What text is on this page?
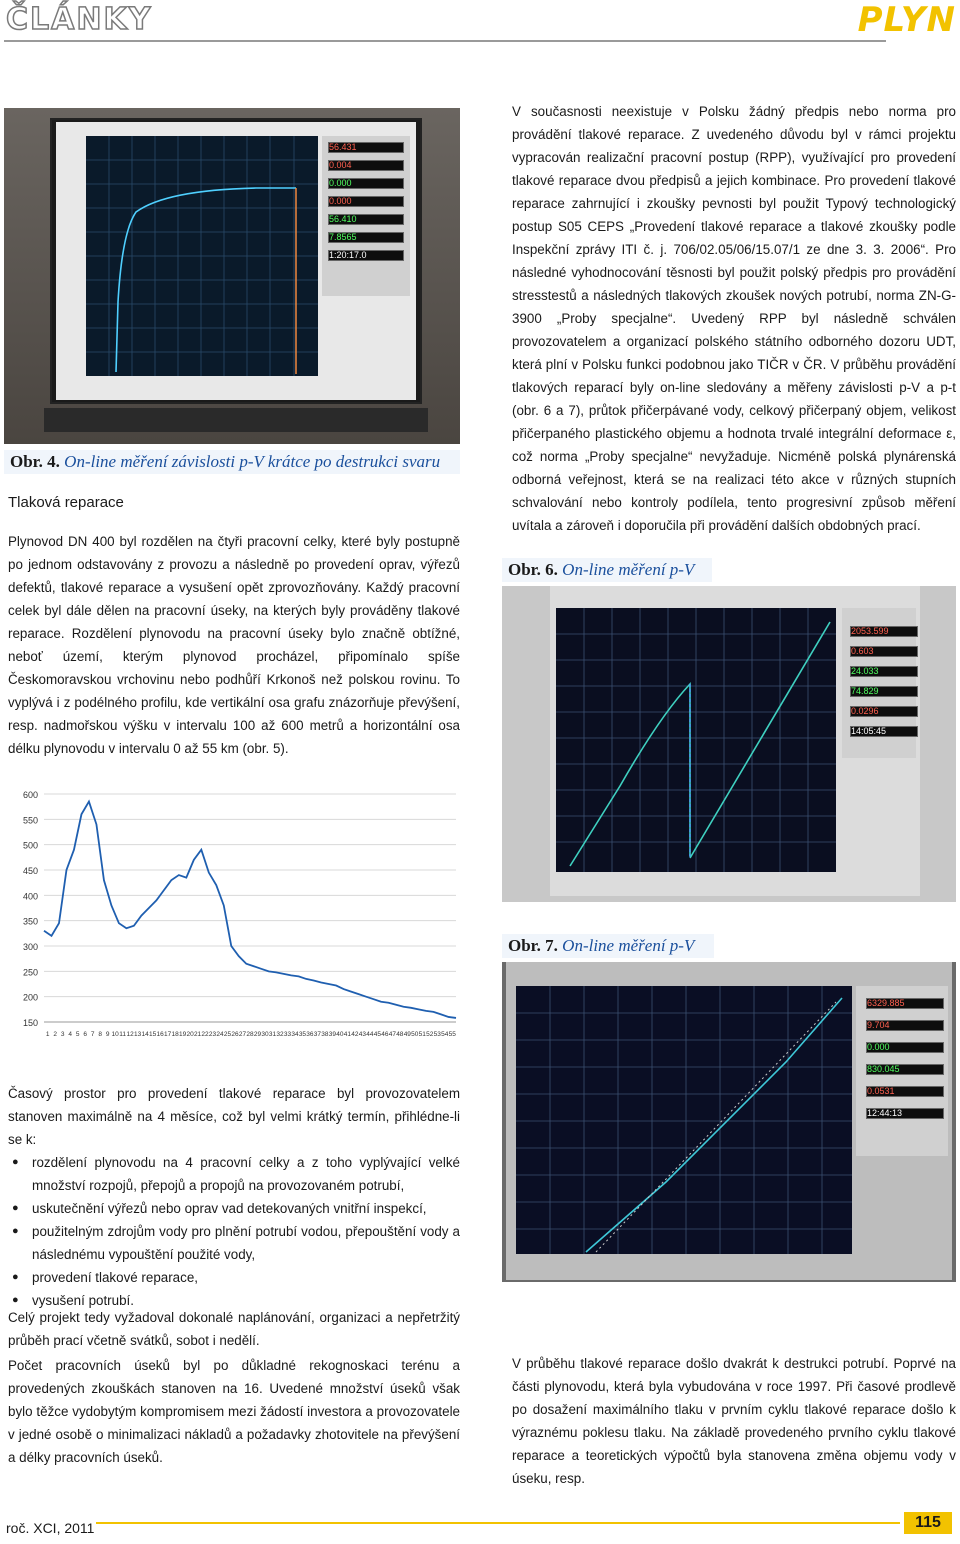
ČLÁNKY	PLYN
56.431
0.004
0.000
0.000
56.410
7.8565
1:20:17.0
Obr. 4. On-line měření závislosti p-V krátce po destrukci svaru
Tlaková reparace

Plynovod DN 400 byl rozdělen na čtyři pracovní celky, které byly postupně po jednom odstavovány z provozu a následně po provedení oprav, výřezů defektů, tlakové reparace a vysušení opět zprovozňovány. Každý pracovní celek byl dále dělen na pracovní úseky, na kterých byly prováděny tlakové reparace. Rozdělení plynovodu na pracovní úseky bylo značně obtížné, neboť území, kterým plynovod procházel, připomínalo spíše Českomoravskou vrchovinu nebo podhůří Krkonoš než polskou rovinu. To vyplývá i z podélného profilu, kde vertikální osa grafu znázorňuje převýšení, resp. nadmořskou výšku v intervalu 100 až 600 metrů a horizontální osa délku plynovodu v intervalu 0 až 55 km (obr. 5).

600
550
500
450
400
350
300
250
200
150
1 2 3 4 5 6 7 8 9 10 11 12 13 14 15 16 17 18 19 20 21 22 23 24 25 26 27 28 29 30 31 32 33 34 35 36 37 38 39 40 41 42 43 44 45 46 47 48 49 50 51 52 53 54 55

Časový prostor pro provedení tlakové reparace byl provozovatelem stanoven maximálně na 4 měsíce, což byl velmi krátký termín, přihlédne-li se k:

● rozdělení plynovodu na 4 pracovní celky a z toho vyplývající velké množství rozpojů, přepojů a propojů na provozovaném potrubí,
● uskutečnění výřezů nebo oprav vad detekovaných vnitřní inspekcí,
● použitelným zdrojům vody pro plnění potrubí vodou, přepouštění vody a následnému vypouštění použité vody,
● provedení tlakové reparace,
● vysušení potrubí.

Celý projekt tedy vyžadoval dokonalé naplánování, organizaci a nepřetržitý průběh prací včetně svátků, sobot i nedělí.

Počet pracovních úseků byl po důkladné rekognoskaci terénu a provedených zkouškách stanoven na 16. Uvedené množství úseků však bylo těžce vydobytým kompromisem mezi žádostí investora a provozovatele v jedné osobě o minimalizaci nákladů a požadavky zhotovitele na převýšení a délky pracovních úseků.

V současnosti neexistuje v Polsku žádný předpis nebo norma pro provádění tlakové reparace. Z uvedeného důvodu byl v rámci projektu vypracován realizační pracovní postup (RPP), využívající pro provedení tlakové reparace dvou předpisů a jejich kombinace. Pro provedení tlakové reparace zahrnující i zkoušky pevnosti byl použit Typový technologický postup S05 CEPS „Provedení tlakové reparace a tlakové zkoušky podle Inspekční zprávy ITI č. j. 706/02.05/06/15.07/1 ze dne 3. 3. 2006“. Pro následné vyhodnocování těsnosti byl použit polský předpis pro provádění stresstestů a následných tlakových zkoušek nových potrubí, norma ZN-G-3900 „Proby specjalne“. Uvedený RPP byl následně schválen provozovatelem a organizací polského státního odborného dozoru UDT, která plní v Polsku funkci podobnou jako TIČR v ČR. V průběhu provádění tlakových reparací byly on-line sledovány a měřeny závislosti p-V a p-t (obr. 6 a 7), průtok přičerpávané vody, celkový přičerpaný objem, velikost přičerpaného plastického objemu a hodnota trvalé integrální deformace ε, což norma „Proby specjalne“ nevyžaduje. Nicméně polská plynárenská odborná veřejnost, která se na realizaci této akce v různých stupních schvalování nebo kontroly podílela, tento progresivní způsob měření uvítala a zároveň i doporučila při provádění dalších obdobných prací.

Obr. 6. On-line měření p-V
2053.599
0.603
24.033
74.829
0.0296
14:05:45
Obr. 7. On-line měření p-V
6329.885
9.704
0.000
830.045
0.0531
12:44:13

V průběhu tlakové reparace došlo dvakrát k destrukci potrubí. Poprvé na části plynovodu, která byla vybudována v roce 1997. Při časové prodlevě po dosažení maximálního tlaku v prvním cyklu tlakové reparace došlo k výraznému poklesu tlaku. Na základě provedeného prvního cyklu tlakové reparace a teoretických výpočtů byla stanovena změna objemu vody v úseku, resp.

roč. XCI, 2011	115
